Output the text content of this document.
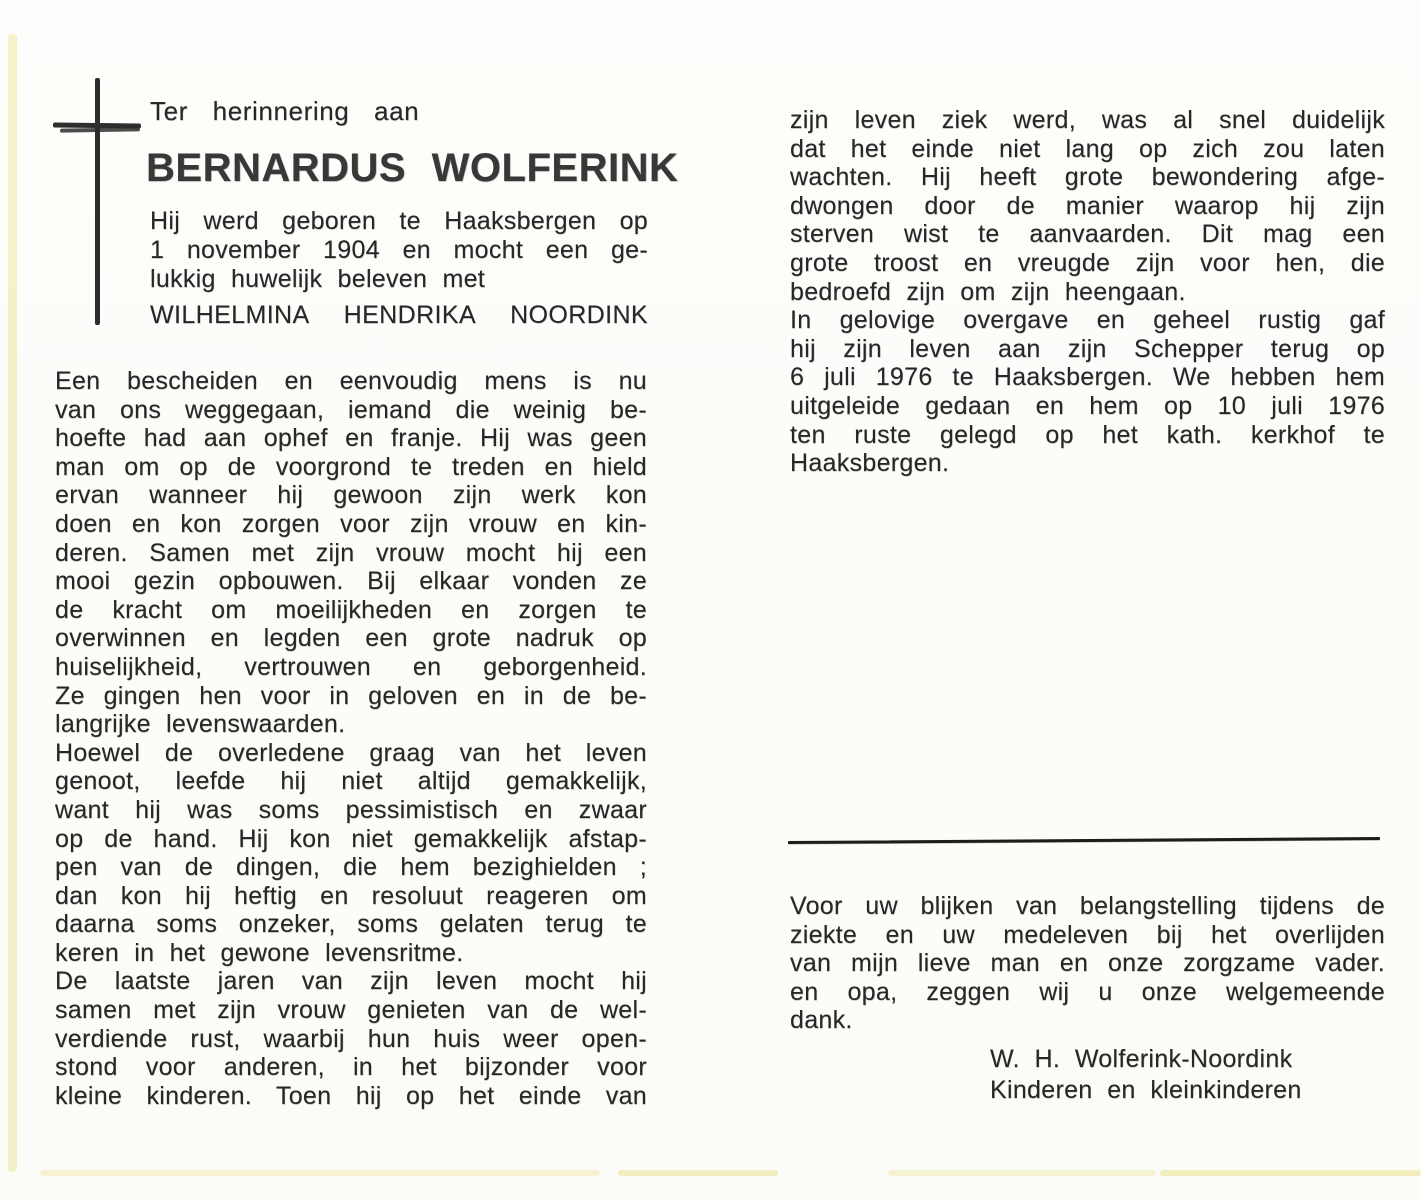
Ter herinnering aan
BERNARDUS WOLFERINK
Hij werd geboren te Haaksbergen op
1 november 1904 en mocht een ge-
lukkig huwelijk beleven met
WILHELMINA HENDRIKA NOORDINK
Een bescheiden en eenvoudig mens is nu
van ons weggegaan, iemand die weinig be-
hoefte had aan ophef en franje. Hij was geen
man om op de voorgrond te treden en hield
ervan wanneer hij gewoon zijn werk kon
doen en kon zorgen voor zijn vrouw en kin-
deren. Samen met zijn vrouw mocht hij een
mooi gezin opbouwen. Bij elkaar vonden ze
de kracht om moeilijkheden en zorgen te
overwinnen en legden een grote nadruk op
huiselijkheid, vertrouwen en geborgenheid.
Ze gingen hen voor in geloven en in de be-
langrijke levenswaarden.
Hoewel de overledene graag van het leven
genoot, leefde hij niet altijd gemakkelijk,
want hij was soms pessimistisch en zwaar
op de hand. Hij kon niet gemakkelijk afstap-
pen van de dingen, die hem bezighielden ;
dan kon hij heftig en resoluut reageren om
daarna soms onzeker, soms gelaten terug te
keren in het gewone levensritme.
De laatste jaren van zijn leven mocht hij
samen met zijn vrouw genieten van de wel-
verdiende rust, waarbij hun huis weer open-
stond voor anderen, in het bijzonder voor
kleine kinderen. Toen hij op het einde van
zijn leven ziek werd, was al snel duidelijk
dat het einde niet lang op zich zou laten
wachten. Hij heeft grote bewondering afge-
dwongen door de manier waarop hij zijn
sterven wist te aanvaarden. Dit mag een
grote troost en vreugde zijn voor hen, die
bedroefd zijn om zijn heengaan.
In gelovige overgave en geheel rustig gaf
hij zijn leven aan zijn Schepper terug op
6 juli 1976 te Haaksbergen. We hebben hem
uitgeleide gedaan en hem op 10 juli 1976
ten ruste gelegd op het kath. kerkhof te
Haaksbergen.
Voor uw blijken van belangstelling tijdens de
ziekte en uw medeleven bij het overlijden
van mijn lieve man en onze zorgzame vader.
en opa, zeggen wij u onze welgemeende
dank.
W. H. Wolferink-Noordink
Kinderen en kleinkinderen
